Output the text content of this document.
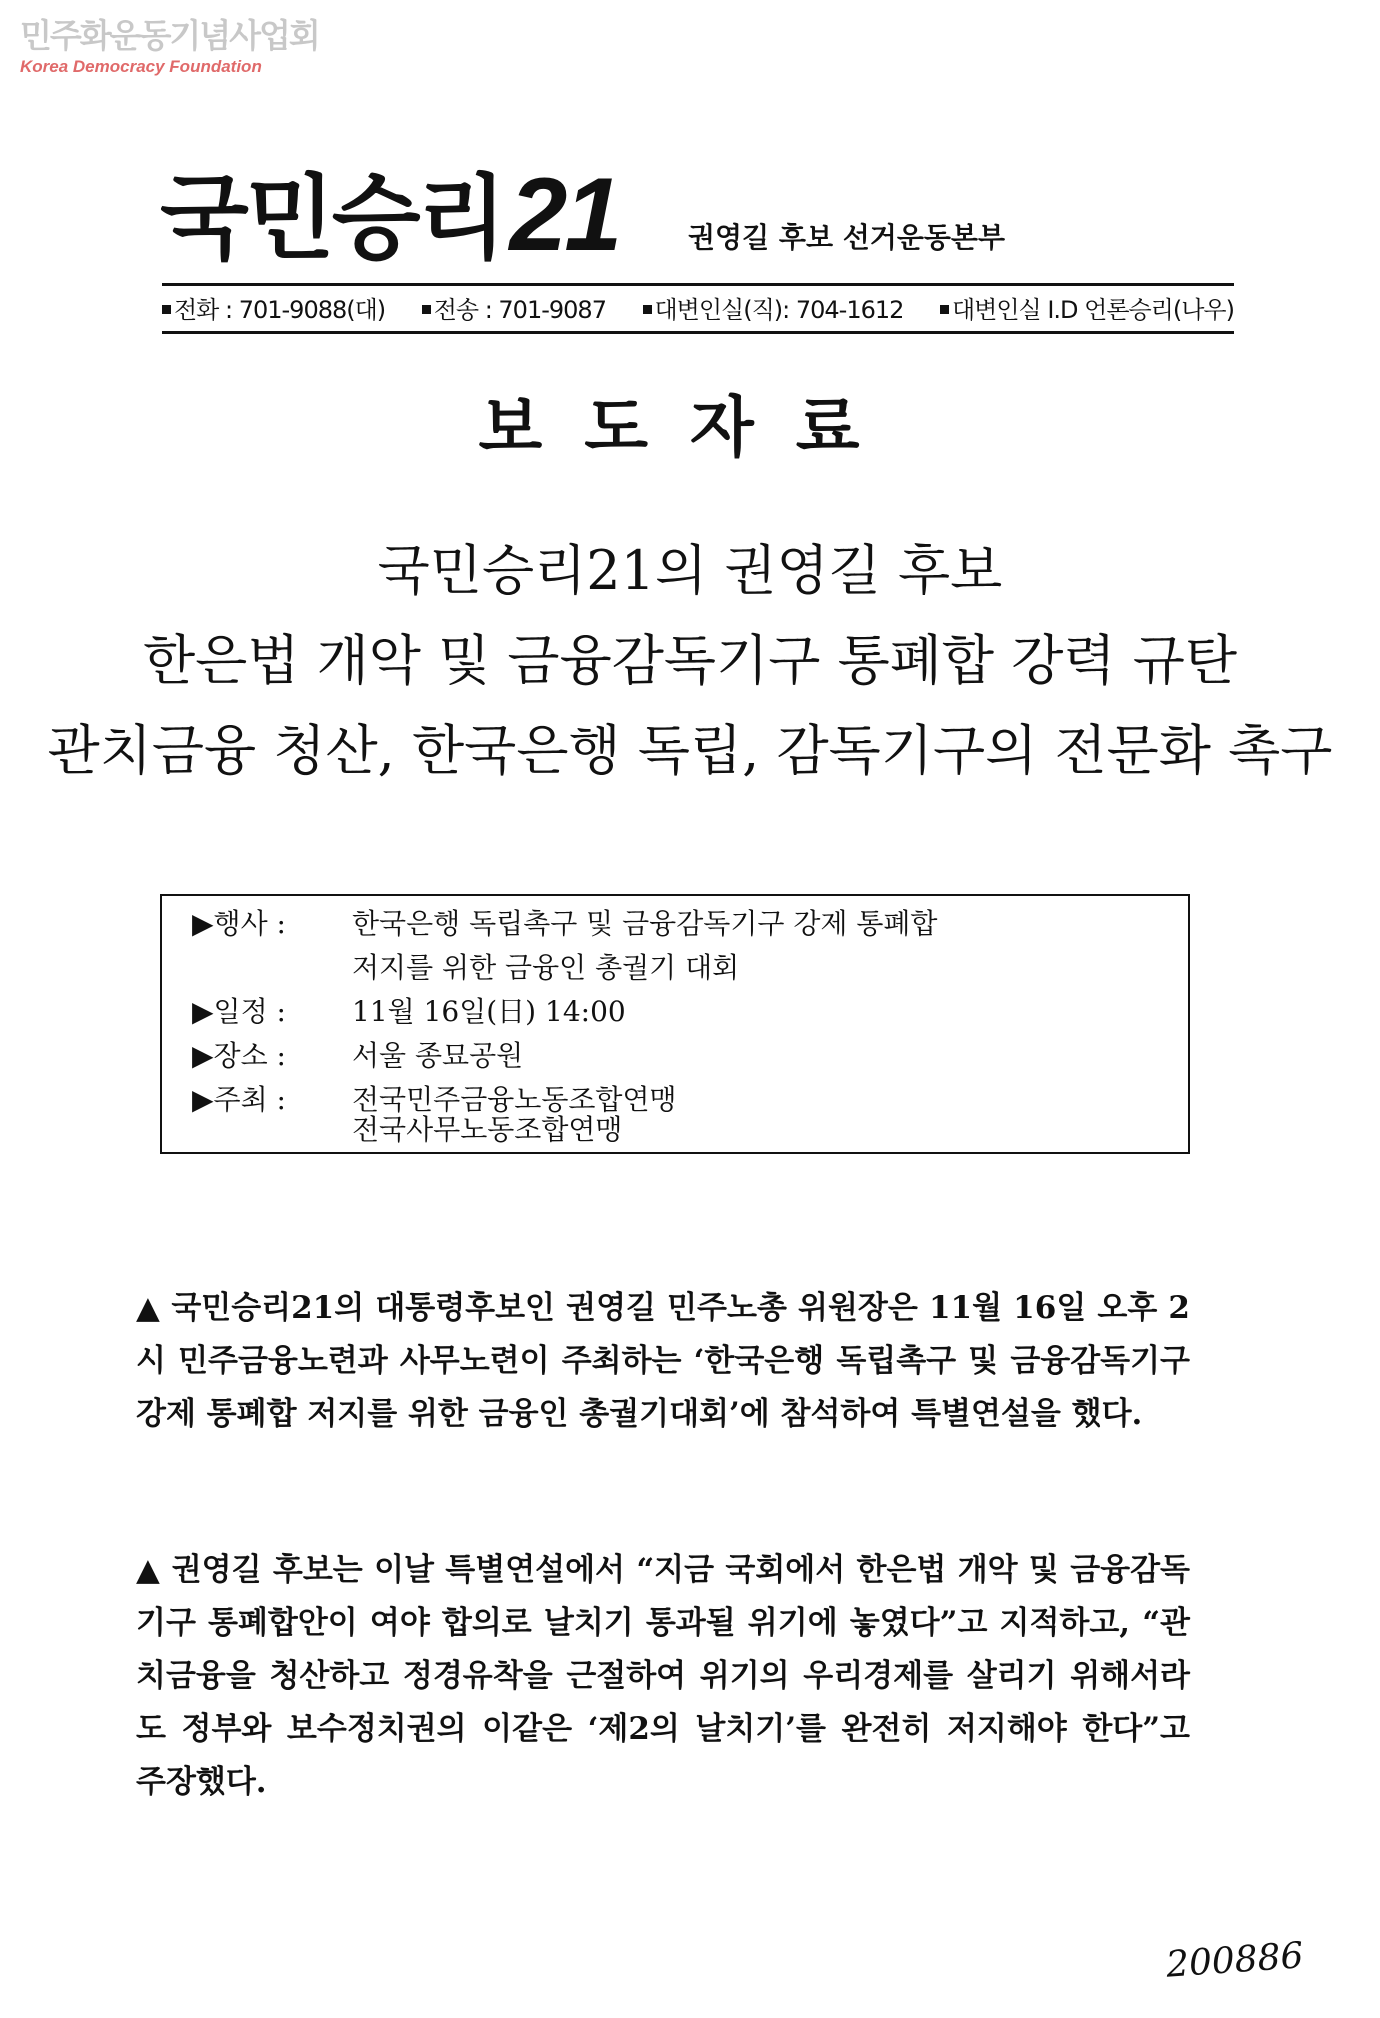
민주화운동기념사업회
Korea Democracy Foundation
국민승리21 권영길 후보 선거운동본부
전화 : 701-9088(대)	전송 : 701-9087	대변인실(직): 704-1612	대변인실 I.D 언론승리(나우)
보도자료
국민승리21의 권영길 후보
한은법 개악 및 금융감독기구 통폐합 강력 규탄
관치금융 청산, 한국은행 독립, 감독기구의 전문화 촉구
▶행사 : 한국은행 독립촉구 및 금융감독기구 강제 통폐합
저지를 위한 금융인 총궐기 대회
▶일정 : 11월 16일(日) 14:00
▶장소 : 서울 종묘공원
▶주최 : 전국민주금융노동조합연맹
전국사무노동조합연맹
▲ 국민승리21의 대통령후보인 권영길 민주노총 위원장은 11월 16일 오후 2시 민주금융노련과 사무노련이 주최하는 ‘한국은행 독립촉구 및 금융감독기구 강제 통폐합 저지를 위한 금융인 총궐기대회’에 참석하여 특별연설을 했다.
▲ 권영길 후보는 이날 특별연설에서 “지금 국회에서 한은법 개악 및 금융감독기구 통폐합안이 여야 합의로 날치기 통과될 위기에 놓였다”고 지적하고, “관치금융을 청산하고 정경유착을 근절하여 위기의 우리경제를 살리기 위해서라도 정부와 보수정치권의 이같은 ‘제2의 날치기’를 완전히 저지해야 한다”고 주장했다.
200886
